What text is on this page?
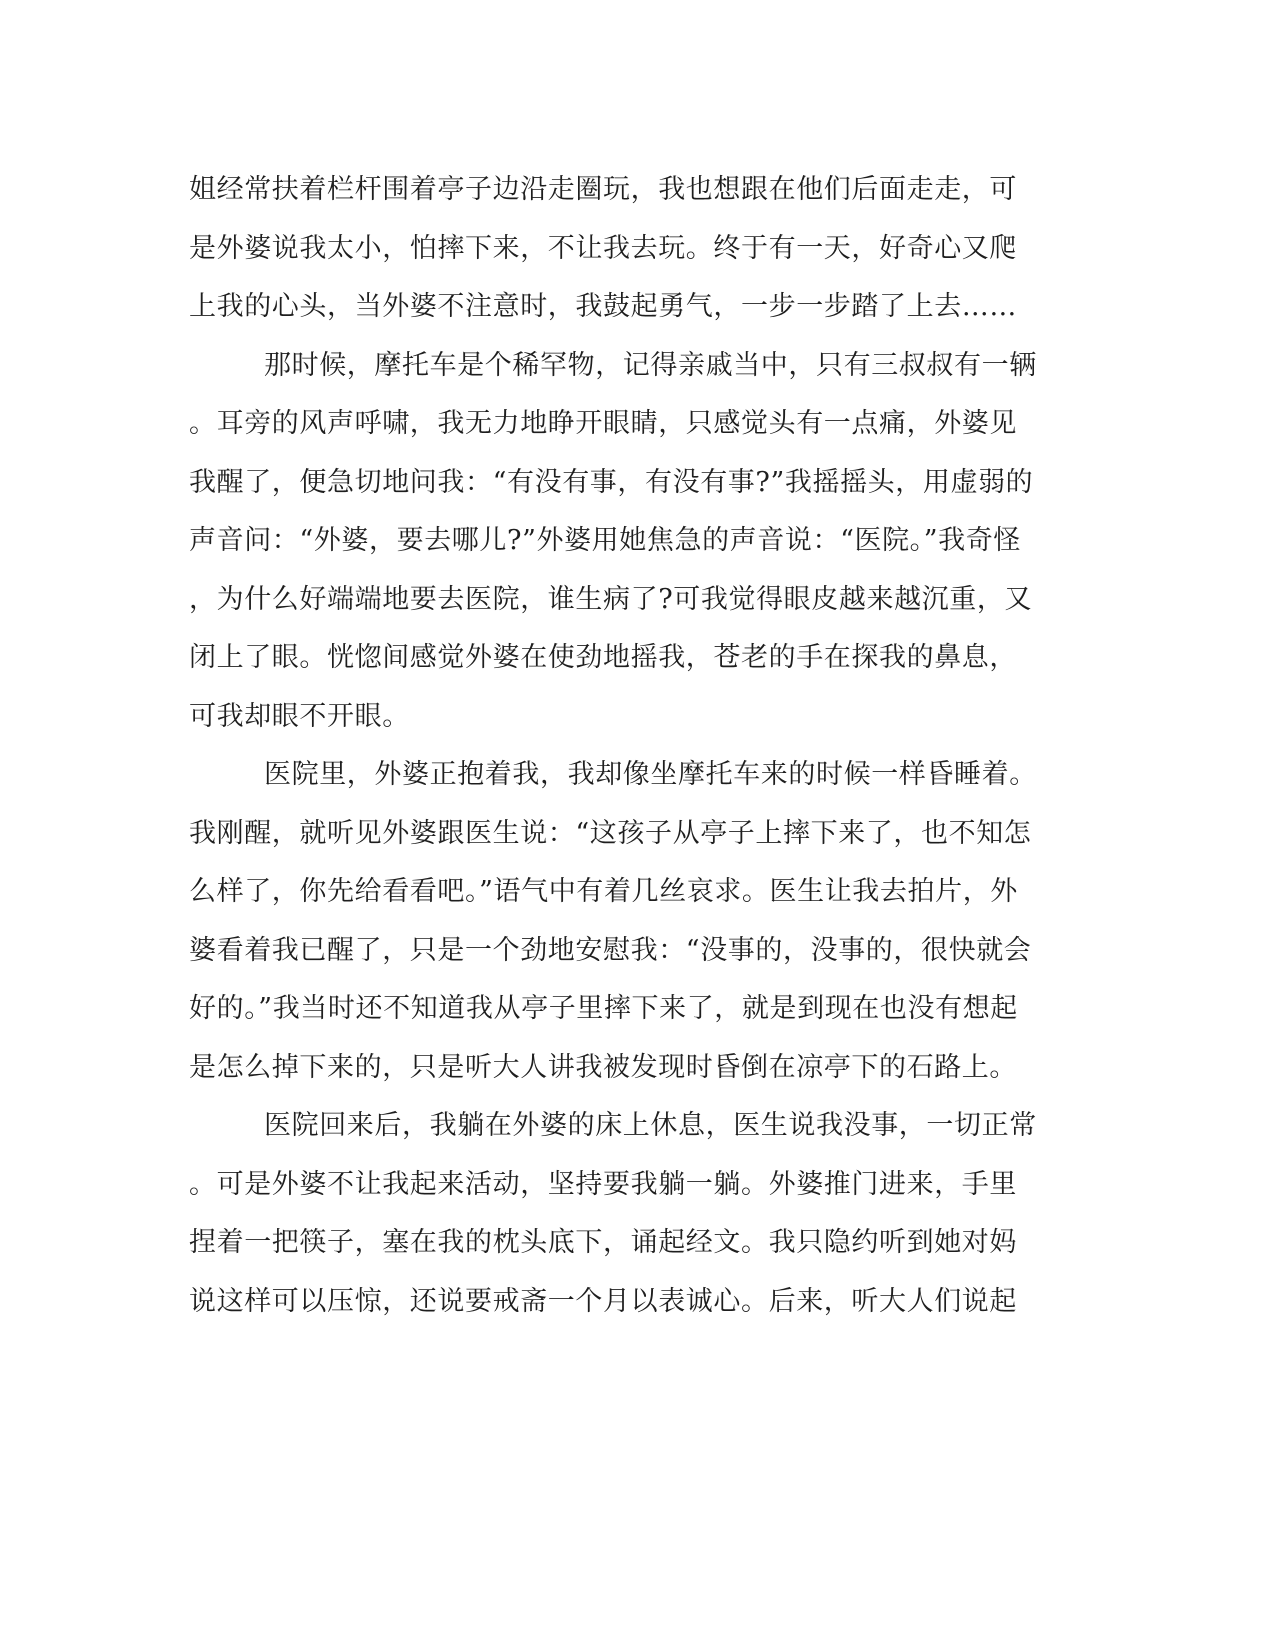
姐经常扶着栏杆围着亭子边沿走圈玩，我也想跟在他们后面走走，可
是外婆说我太小，怕摔下来，不让我去玩。终于有一天，好奇心又爬
上我的心头，当外婆不注意时，我鼓起勇气，一步一步踏了上去……
那时候，摩托车是个稀罕物，记得亲戚当中，只有三叔叔有一辆
。耳旁的风声呼啸，我无力地睁开眼睛，只感觉头有一点痛，外婆见
我醒了，便急切地问我：“有没有事，有没有事?”我摇摇头，用虚弱的
声音问：“外婆，要去哪儿?”外婆用她焦急的声音说：“医院。”我奇怪
，为什么好端端地要去医院，谁生病了?可我觉得眼皮越来越沉重，又
闭上了眼。恍惚间感觉外婆在使劲地摇我，苍老的手在探我的鼻息，
可我却眼不开眼。
医院里，外婆正抱着我，我却像坐摩托车来的时候一样昏睡着。
我刚醒，就听见外婆跟医生说：“这孩子从亭子上摔下来了，也不知怎
么样了，你先给看看吧。”语气中有着几丝哀求。医生让我去拍片，外
婆看着我已醒了，只是一个劲地安慰我：“没事的，没事的，很快就会
好的。”我当时还不知道我从亭子里摔下来了，就是到现在也没有想起
是怎么掉下来的，只是听大人讲我被发现时昏倒在凉亭下的石路上。
医院回来后，我躺在外婆的床上休息，医生说我没事，一切正常
。可是外婆不让我起来活动，坚持要我躺一躺。外婆推门进来，手里
捏着一把筷子，塞在我的枕头底下，诵起经文。我只隐约听到她对妈
说这样可以压惊，还说要戒斋一个月以表诚心。后来，听大人们说起
